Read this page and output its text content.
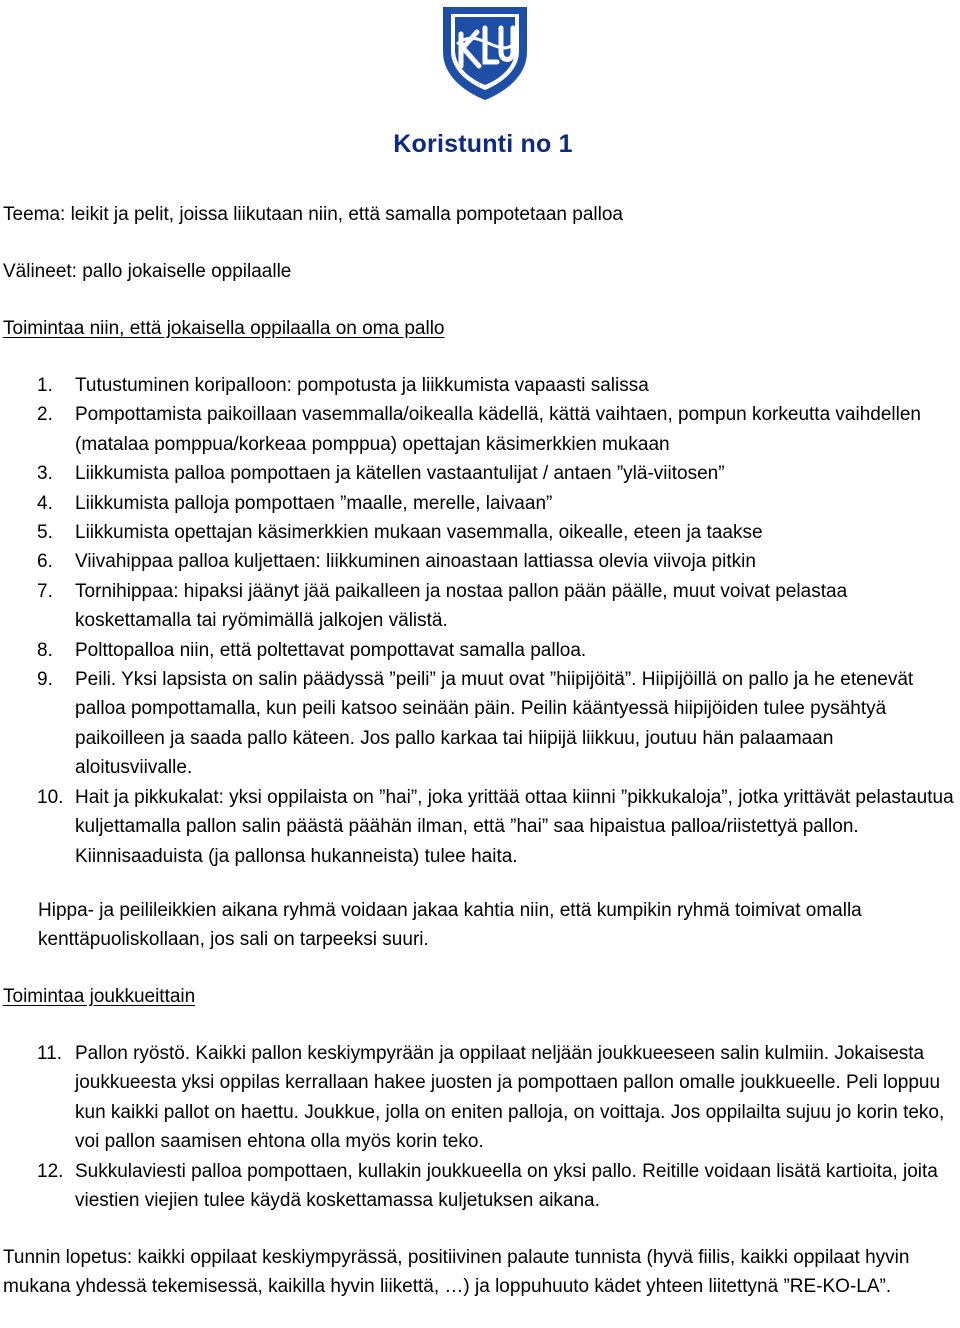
Koristunti no 1
Teema: leikit ja pelit, joissa liikutaan niin, että samalla pompotetaan palloa
Välineet: pallo jokaiselle oppilaalle
Toimintaa niin, että jokaisella oppilaalla on oma pallo
1.	Tutustuminen koripalloon: pompotusta ja liikkumista vapaasti salissa
2.	Pompottamista paikoillaan vasemmalla/oikealla kädellä, kättä vaihtaen, pompun korkeutta vaihdellen (matalaa pomppua/korkeaa pomppua) opettajan käsimerkkien mukaan
3.	Liikkumista palloa pompottaen ja kätellen vastaantulijat / antaen ”ylä-viitosen”
4.	Liikkumista palloja pompottaen ”maalle, merelle, laivaan”
5.	Liikkumista opettajan käsimerkkien mukaan vasemmalla, oikealle, eteen ja taakse
6.	Viivahippaa palloa kuljettaen: liikkuminen ainoastaan lattiassa olevia viivoja pitkin
7.	Tornihippaa: hipaksi jäänyt jää paikalleen ja nostaa pallon pään päälle, muut voivat pelastaa koskettamalla tai ryömimällä jalkojen välistä.
8.	Polttopalloa niin, että poltettavat pompottavat samalla palloa.
9.	Peili. Yksi lapsista on salin päädyssä ”peili” ja muut ovat ”hiipijöitä”. Hiipijöillä on pallo ja he etenevät palloa pompottamalla, kun peili katsoo seinään päin. Peilin kääntyessä hiipijöiden tulee pysähtyä paikoilleen ja saada pallo käteen. Jos pallo karkaa tai hiipijä liikkuu, joutuu hän palaamaan aloitusviivalle.
10. Hait ja pikkukalat: yksi oppilaista on ”hai”, joka yrittää ottaa kiinni ”pikkukaloja”, jotka yrittävät pelastautua kuljettamalla pallon salin päästä päähän ilman, että ”hai” saa hipaistua palloa/riistettyä pallon. Kiinnisaaduista (ja pallonsa hukanneista) tulee haita.
Hippa- ja peilileikkien aikana ryhmä voidaan jakaa kahtia niin, että kumpikin ryhmä toimivat omalla kenttäpuoliskollaan, jos sali on tarpeeksi suuri.
Toimintaa joukkueittain
11. Pallon ryöstö. Kaikki pallon keskiympyrään ja oppilaat neljään joukkueeseen salin kulmiin. Jokaisesta joukkueesta yksi oppilas kerrallaan hakee juosten ja pompottaen pallon omalle joukkueelle. Peli loppuu kun kaikki pallot on haettu. Joukkue, jolla on eniten palloja, on voittaja. Jos oppilailta sujuu jo korin teko, voi pallon saamisen ehtona olla myös korin teko.
12. Sukkulaviesti palloa pompottaen, kullakin joukkueella on yksi pallo. Reitille voidaan lisätä kartioita, joita viestien viejien tulee käydä koskettamassa kuljetuksen aikana.
Tunnin lopetus: kaikki oppilaat keskiympyrässä, positiivinen palaute tunnista (hyvä fiilis, kaikki oppilaat hyvin mukana yhdessä tekemisessä, kaikilla hyvin liikettä, …) ja loppuhuuto kädet yhteen liitettynä ”RE-KO-LA”.
